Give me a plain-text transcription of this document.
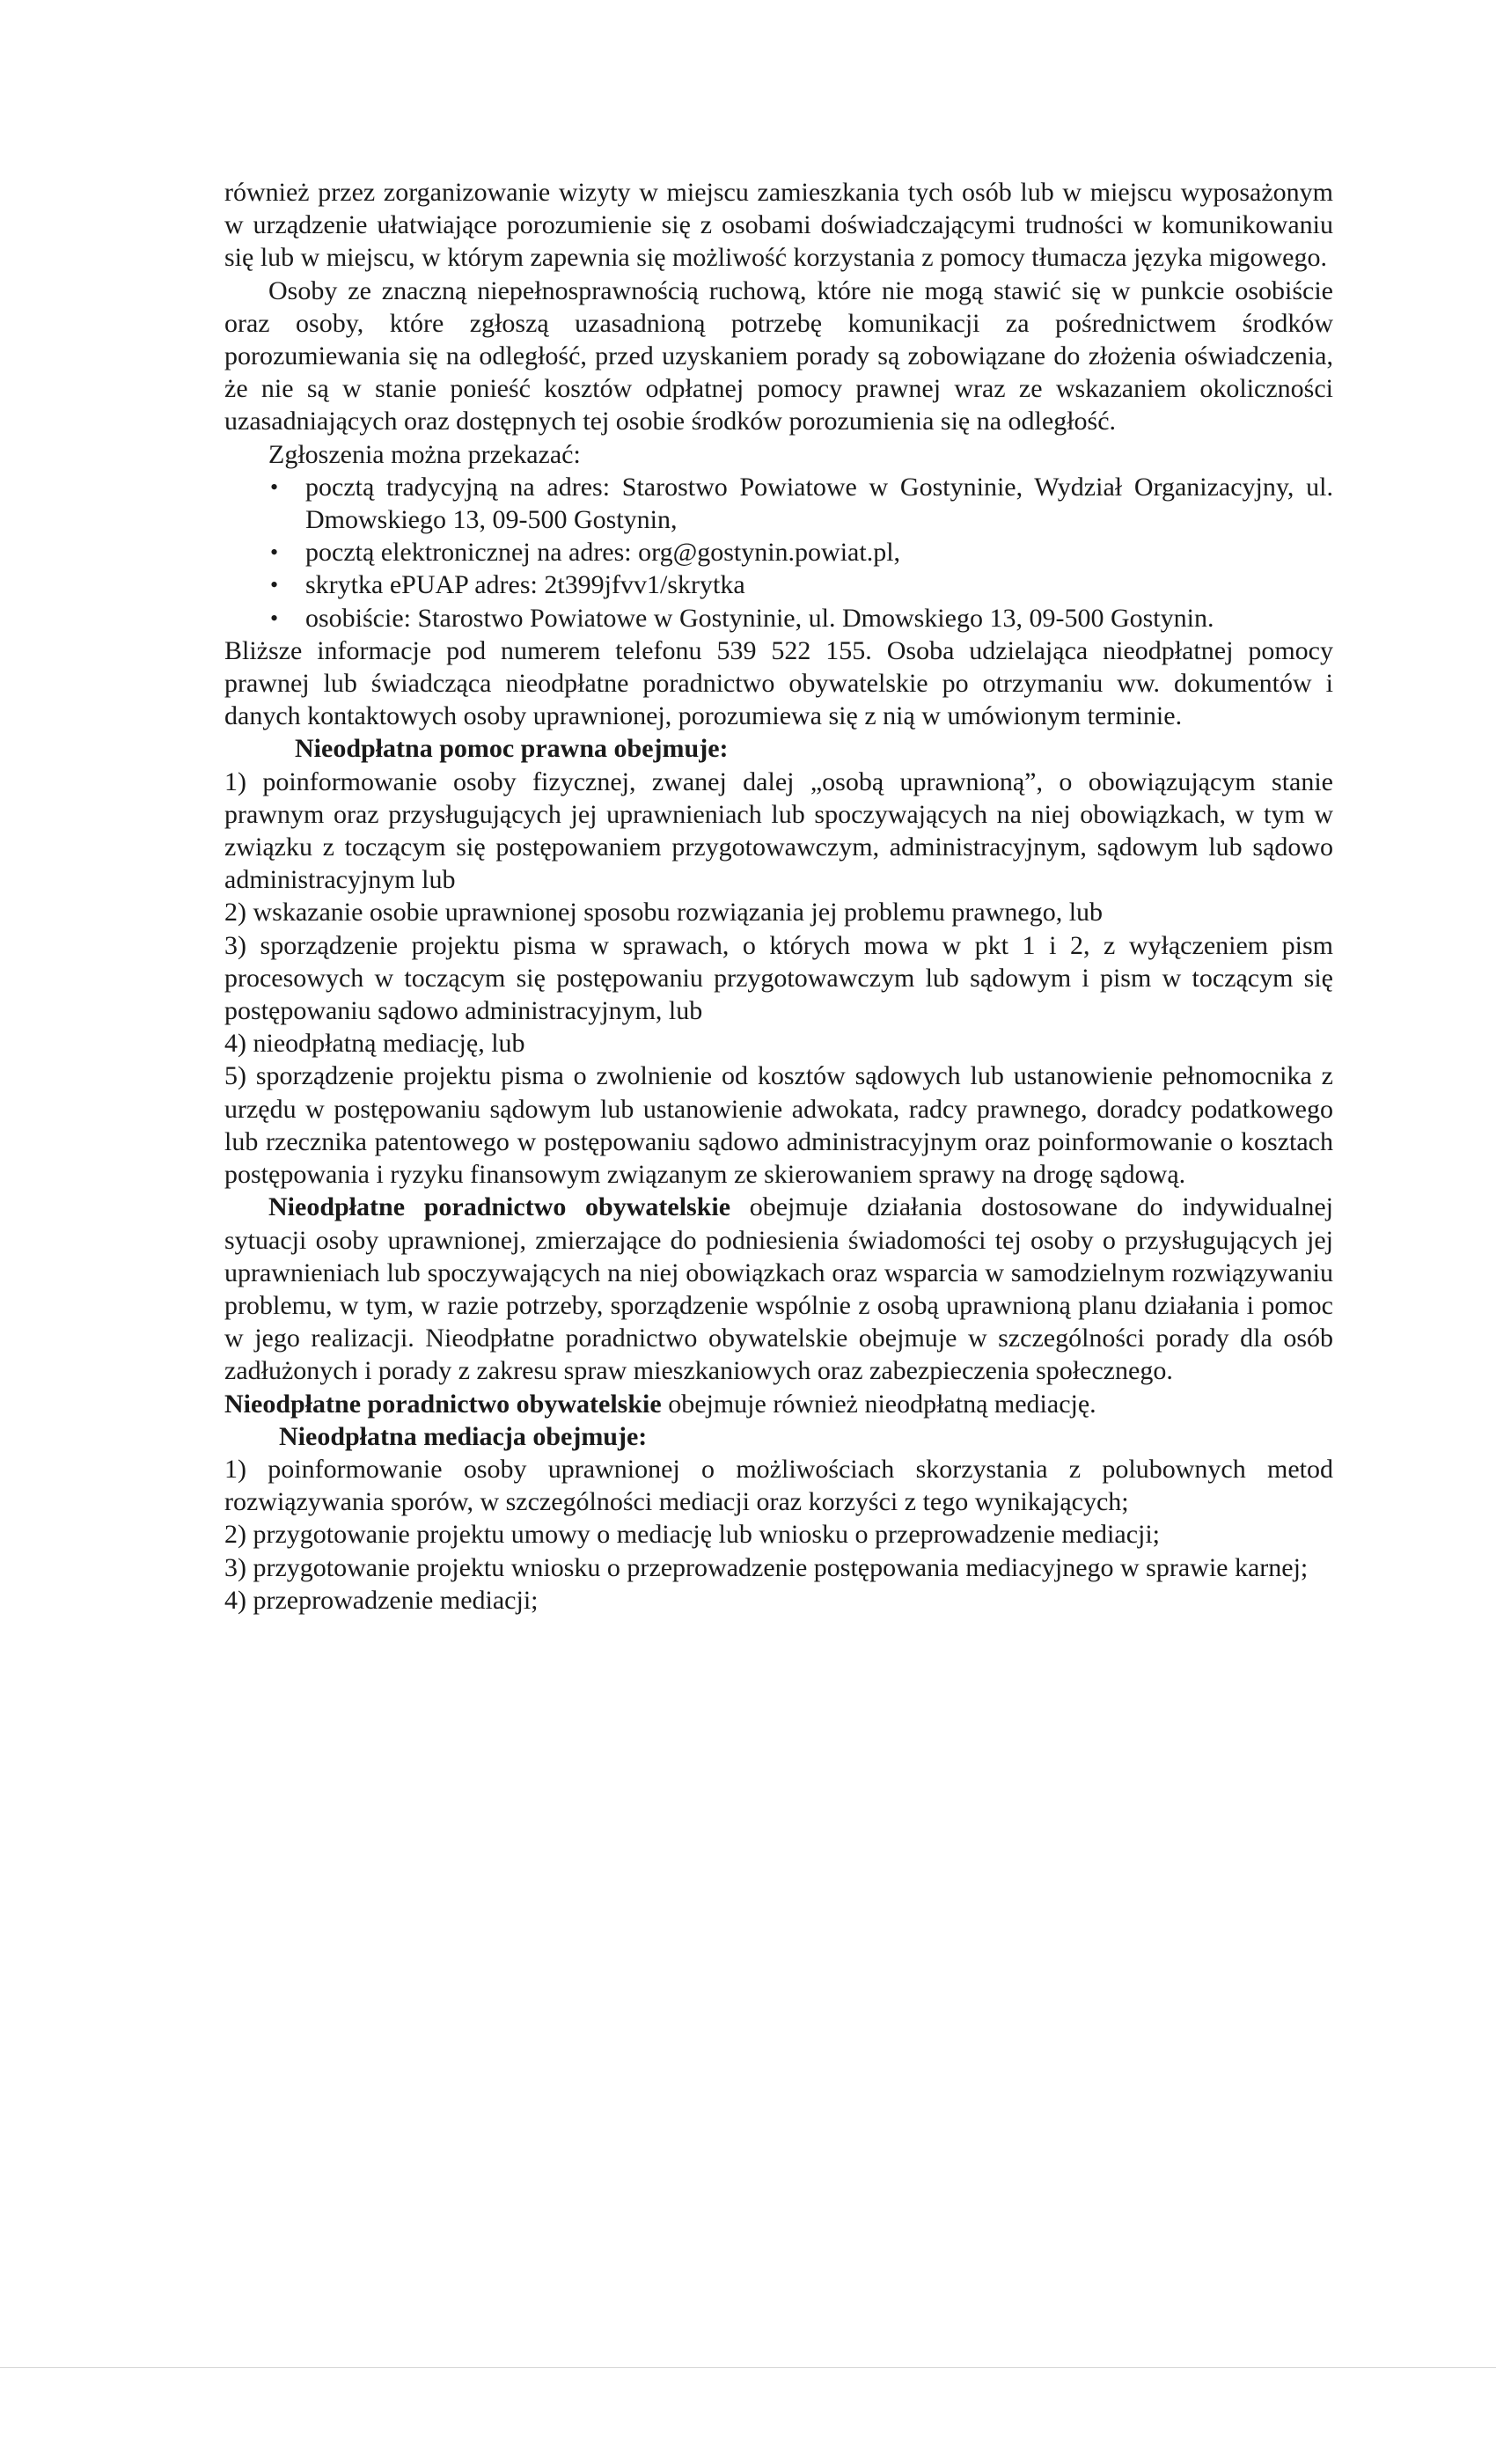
również przez zorganizowanie wizyty w miejscu zamieszkania tych osób lub w miejscu wyposażonym w urządzenie ułatwiające porozumienie się z osobami doświadczającymi trudności w komunikowaniu się lub w miejscu, w którym zapewnia się możliwość korzystania z pomocy tłumacza języka migowego.

Osoby ze znaczną niepełnosprawnością ruchową, które nie mogą stawić się w punkcie osobiście oraz osoby, które zgłoszą uzasadnioną potrzebę komunikacji za pośrednictwem środków porozumiewania się na odległość, przed uzyskaniem porady są zobowiązane do złożenia oświadczenia, że nie są w stanie ponieść kosztów odpłatnej pomocy prawnej wraz ze wskazaniem okoliczności uzasadniających oraz dostępnych tej osobie środków porozumienia się na odległość.

Zgłoszenia można przekazać:

• pocztą tradycyjną na adres: Starostwo Powiatowe w Gostyninie, Wydział Organizacyjny, ul. Dmowskiego 13, 09-500 Gostynin,
• pocztą elektronicznej na adres: org@gostynin.powiat.pl,
• skrytka ePUAP adres: 2t399jfvv1/skrytka
• osobiście: Starostwo Powiatowe w Gostyninie, ul. Dmowskiego 13, 09-500 Gostynin.

Bliższe informacje pod numerem telefonu 539 522 155. Osoba udzielająca nieodpłatnej pomocy prawnej lub świadcząca nieodpłatne poradnictwo obywatelskie po otrzymaniu ww. dokumentów i danych kontaktowych osoby uprawnionej, porozumiewa się z nią w umówionym terminie.

Nieodpłatna pomoc prawna obejmuje:

1) poinformowanie osoby fizycznej, zwanej dalej „osobą uprawnioną”, o obowiązującym stanie prawnym oraz przysługujących jej uprawnieniach lub spoczywających na niej obowiązkach, w tym w związku z toczącym się postępowaniem przygotowawczym, administracyjnym, sądowym lub sądowo administracyjnym lub

2) wskazanie osobie uprawnionej sposobu rozwiązania jej problemu prawnego, lub

3) sporządzenie projektu pisma w sprawach, o których mowa w pkt 1 i 2, z wyłączeniem pism procesowych w toczącym się postępowaniu przygotowawczym lub sądowym i pism w toczącym się postępowaniu sądowo administracyjnym, lub

4) nieodpłatną mediację, lub

5) sporządzenie projektu pisma o zwolnienie od kosztów sądowych lub ustanowienie pełnomocnika z urzędu w postępowaniu sądowym lub ustanowienie adwokata, radcy prawnego, doradcy podatkowego lub rzecznika patentowego w postępowaniu sądowo administracyjnym oraz poinformowanie o kosztach postępowania i ryzyku finansowym związanym ze skierowaniem sprawy na drogę sądową.

Nieodpłatne poradnictwo obywatelskie obejmuje działania dostosowane do indywidualnej sytuacji osoby uprawnionej, zmierzające do podniesienia świadomości tej osoby o przysługujących jej uprawnieniach lub spoczywających na niej obowiązkach oraz wsparcia w samodzielnym rozwiązywaniu problemu, w tym, w razie potrzeby, sporządzenie wspólnie z osobą uprawnioną planu działania i pomoc w jego realizacji. Nieodpłatne poradnictwo obywatelskie obejmuje w szczególności porady dla osób zadłużonych i porady z zakresu spraw mieszkaniowych oraz zabezpieczenia społecznego.

Nieodpłatne poradnictwo obywatelskie obejmuje również nieodpłatną mediację.

Nieodpłatna mediacja obejmuje:

1) poinformowanie osoby uprawnionej o możliwościach skorzystania z polubownych metod rozwiązywania sporów, w szczególności mediacji oraz korzyści z tego wynikających;

2) przygotowanie projektu umowy o mediację lub wniosku o przeprowadzenie mediacji;

3) przygotowanie projektu wniosku o przeprowadzenie postępowania mediacyjnego w sprawie karnej;

4) przeprowadzenie mediacji;
